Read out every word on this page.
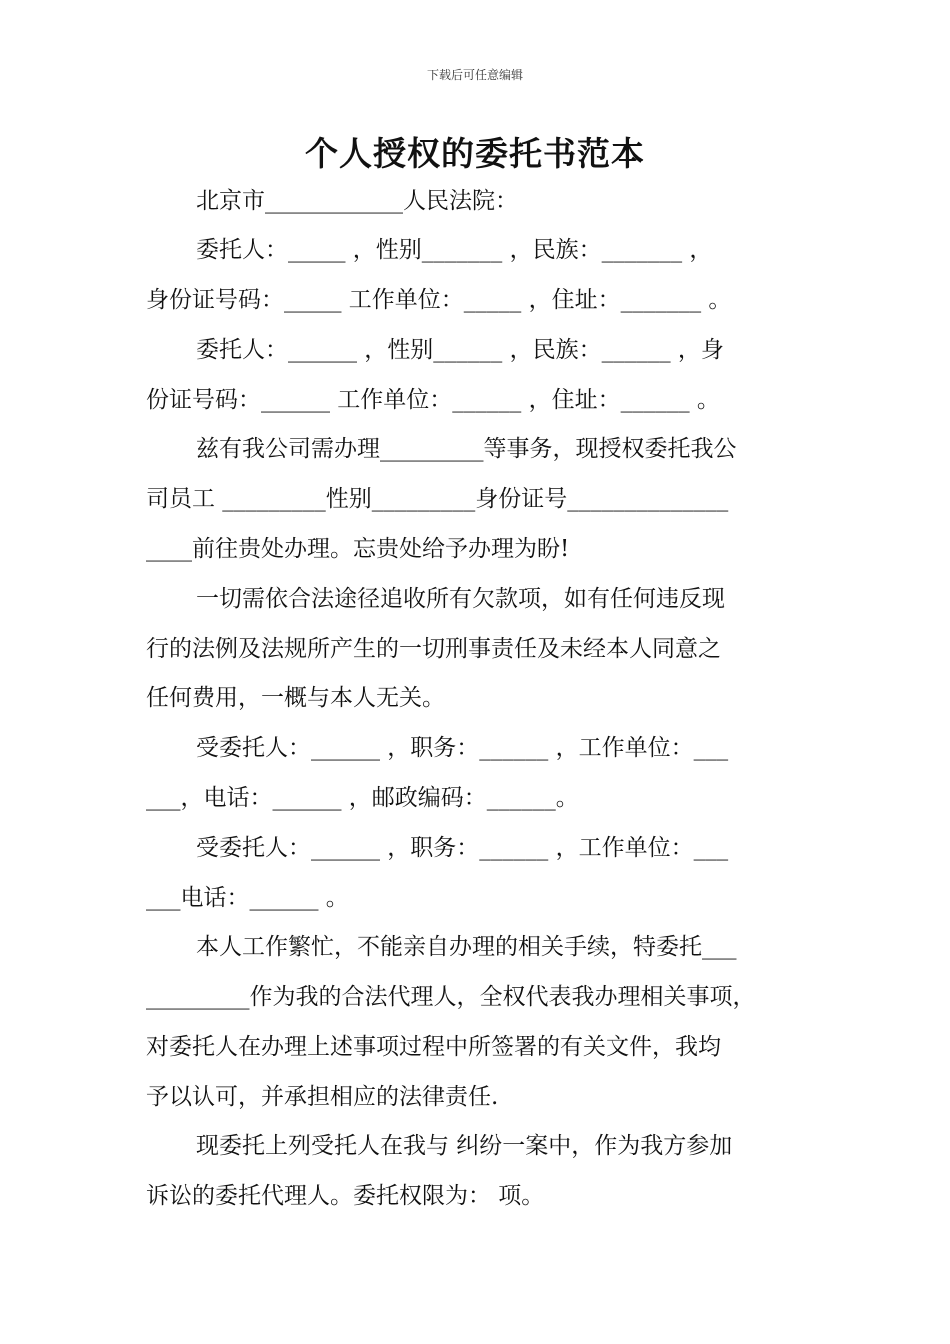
下载后可任意编辑
个人授权的委托书范本
北京市____________人民法院：
委托人：_____ ，性别_______ ，民族：_______ ，
身份证号码：_____ 工作单位：_____ ，住址：_______ 。
委托人：______ ，性别______ ，民族：______ ，身
份证号码：______ 工作单位：______ ，住址：______ 。
兹有我公司需办理_________等事务，现授权委托我公
司员工 _________性别_________身份证号______________
____前往贵处办理。忘贵处给予办理为盼!
一切需依合法途径追收所有欠款项，如有任何违反现
行的法例及法规所产生的一切刑事责任及未经本人同意之
任何费用，一概与本人无关。
受委托人：______ ，职务：______ ，工作单位：___
___，电话：______ ，邮政编码：______。
受委托人：______ ，职务：______ ，工作单位：___
___电话：______ 。
本人工作繁忙，不能亲自办理的相关手续，特委托___
_________作为我的合法代理人，全权代表我办理相关事项，
对委托人在办理上述事项过程中所签署的有关文件，我均
予以认可，并承担相应的法律责任.
现委托上列受托人在我与 纠纷一案中，作为我方参加
诉讼的委托代理人。委托权限为： 项。
